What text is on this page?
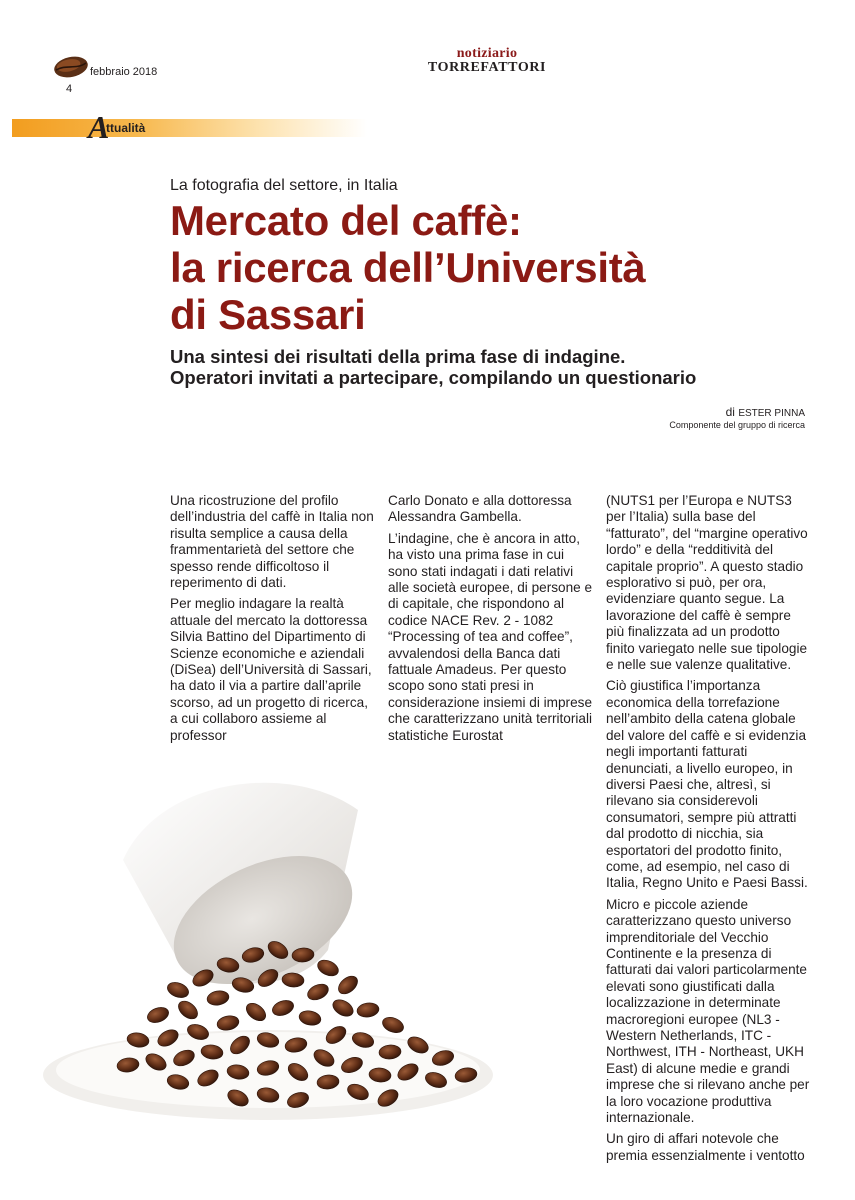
febbraio 2018
4
notiziario
TORREFATTORI
A
ttualità
La fotografia del settore, in Italia
Mercato del caffè:
la ricerca dell’Università
di Sassari
Una sintesi dei risultati della prima fase di indagine.
Operatori invitati a partecipare, compilando un questionario
di ESTER PINNA
Componente del gruppo di ricerca

Una ricostruzione del profilo dell’industria del caffè in Italia non risulta semplice a causa della frammentarietà del settore che spesso rende difficoltoso il reperimento di dati.

Per meglio indagare la realtà attuale del mercato la dottoressa Silvia Battino del Dipartimento di Scienze economiche e aziendali (DiSea) dell’Università di Sassari, ha dato il via a partire dall’aprile scorso, ad un progetto di ricerca, a cui collaboro assieme al professor

Carlo Donato e alla dottoressa Alessandra Gambella.

L’indagine, che è ancora in atto, ha visto una prima fase in cui sono stati indagati i dati relativi alle società europee, di persone e di capitale, che rispondono al codice NACE Rev. 2 - 1082 “Processing of tea and coffee”, avvalendosi della Banca dati fattuale Amadeus. Per questo scopo sono stati presi in considerazione insiemi di imprese che caratterizzano unità territoriali statistiche Eurostat

(NUTS1 per l’Europa e NUTS3 per l’Italia) sulla base del “fatturato”, del “margine operativo lordo” e della “redditività del capitale proprio”. A questo stadio esplorativo si può, per ora, evidenziare quanto segue. La lavorazione del caffè è sempre più finalizzata ad un prodotto finito variegato nelle sue tipologie e nelle sue valenze qualitative.

Ciò giustifica l’importanza economica della torrefazione nell’ambito della catena globale del valore del caffè e si evidenzia negli importanti fatturati denunciati, a livello europeo, in diversi Paesi che, altresì, si rilevano sia considerevoli consumatori, sempre più attratti dal prodotto di nicchia, sia esportatori del prodotto finito, come, ad esempio, nel caso di Italia, Regno Unito e Paesi Bassi.

Micro e piccole aziende caratterizzano questo universo imprenditoriale del Vecchio Continente e la presenza di fatturati dai valori particolarmente elevati sono giustificati dalla localizzazione in determinate macroregioni europee (NL3 - Western Netherlands, ITC - Northwest, ITH - Northeast, UKH East) di alcune medie e grandi imprese che si rilevano anche per la loro vocazione produttiva internazionale.

Un giro di affari notevole che premia essenzialmente i ventotto
